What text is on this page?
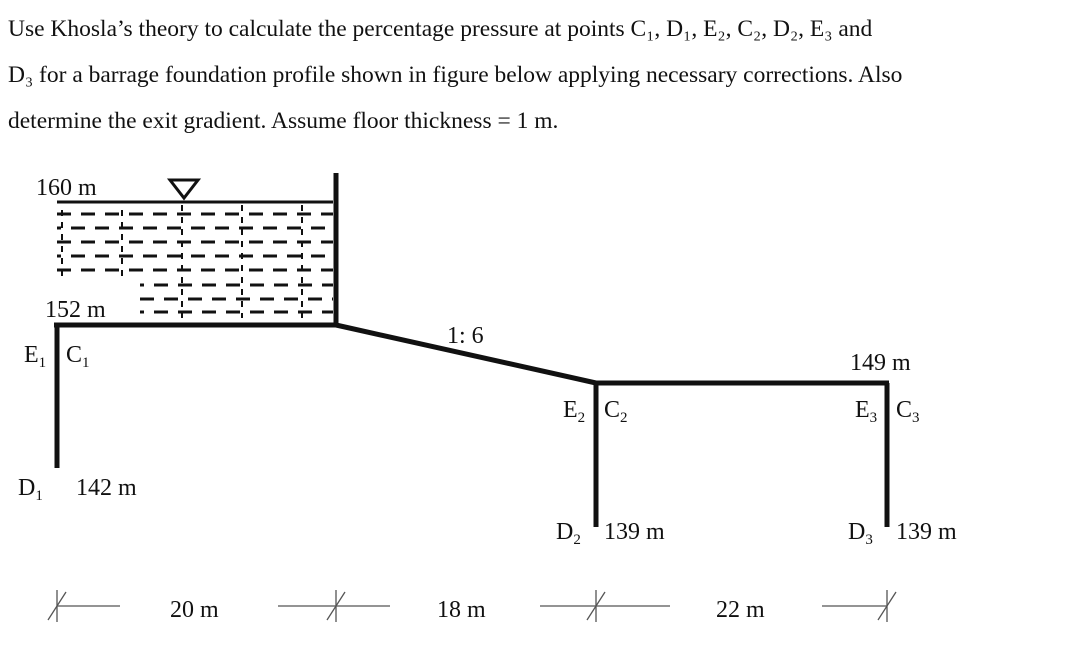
Use Khosla’s theory to calculate the percentage pressure at points C₁, D₁, E₂, C₂, D₂, E₃ and

D₃ for a barrage foundation profile shown in figure below applying necessary corrections. Also

determine the exit gradient. Assume floor thickness = 1 m.

160 m
152 m
1: 6
149 m
142 m
139 m	139 m
E1 C1
D1
E2 C2
D2
E3 C3
D3
20 m	18 m	22 m
